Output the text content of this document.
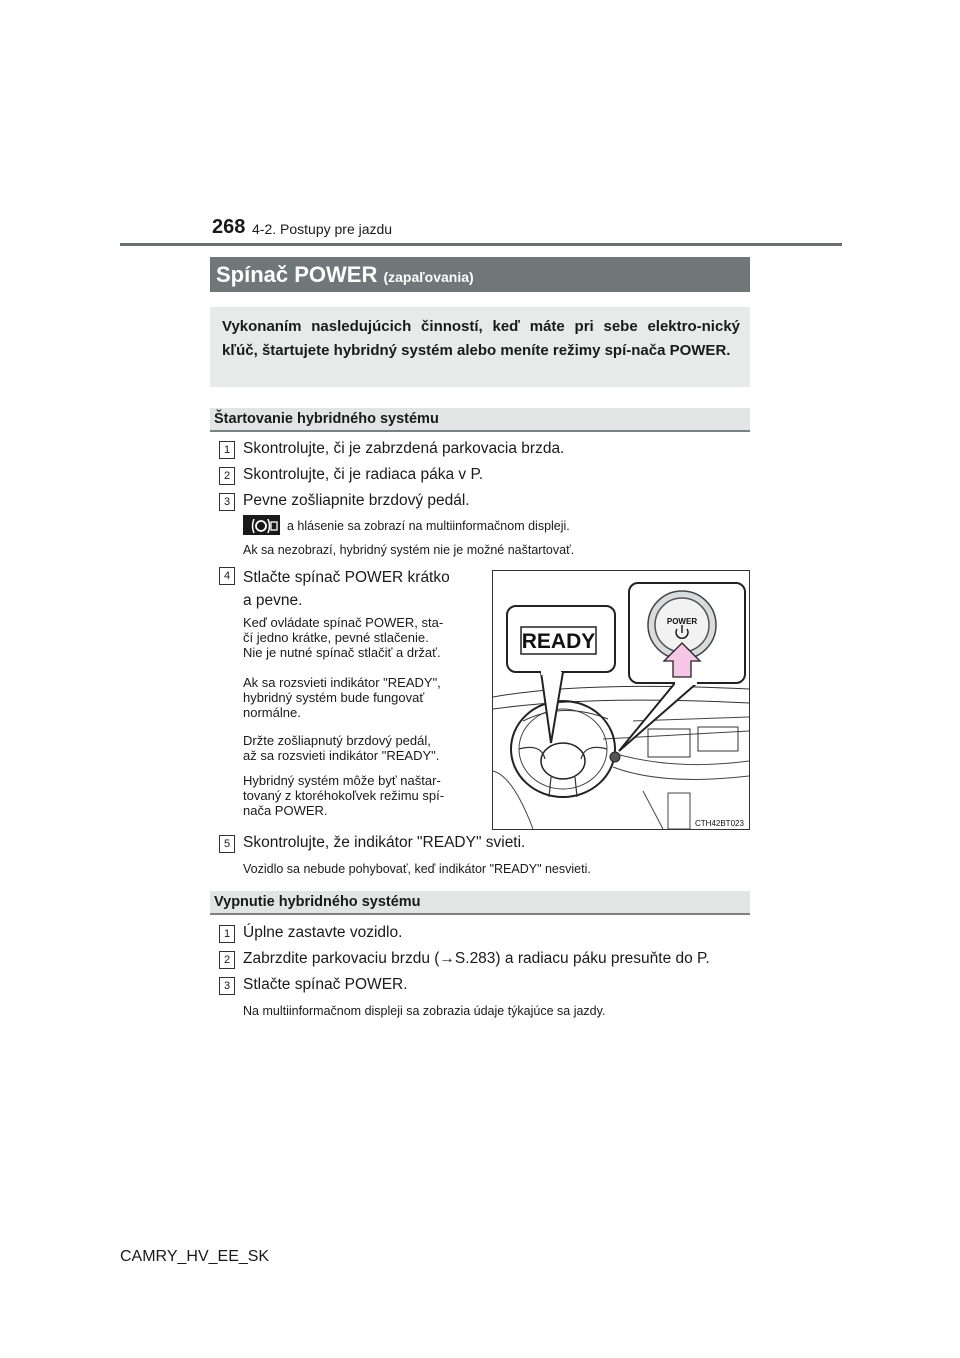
268 4-2. Postupy pre jazdu
Spínač POWER (zapaľovania)
Vykonaním nasledujúcich činností, keď máte pri sebe elektro-nický kľúč, štartujete hybridný systém alebo meníte režimy spí-nača POWER.
Štartovanie hybridného systému
1 Skontrolujte, či je zabrzdená parkovacia brzda.
2 Skontrolujte, či je radiaca páka v P.
3 Pevne zošliapnite brzdový pedál.
a hlásenie sa zobrazí na multiinformačnom displeji.
Ak sa nezobrazí, hybridný systém nie je možné naštartovať.
4 Stlačte spínač POWER krátko
a pevne.
Keď ovládate spínač POWER, sta-
čí jedno krátke, pevné stlačenie.
Nie je nutné spínač stlačiť a držať.
Ak sa rozsvieti indikátor "READY",
hybridný systém bude fungovať
normálne.
Držte zošliapnutý brzdový pedál,
až sa rozsvieti indikátor "READY".
Hybridný systém môže byť naštar-
tovaný z ktoréhokoľvek režimu spí-
nača POWER.
READY
POWER
CTH42BT023
5 Skontrolujte, že indikátor "READY" svieti.
Vozidlo sa nebude pohybovať, keď indikátor "READY" nesvieti.
Vypnutie hybridného systému
1 Úplne zastavte vozidlo.
2 Zabrzdite parkovaciu brzdu (→S.283) a radiacu páku presuňte do P.
3 Stlačte spínač POWER.
Na multiinformačnom displeji sa zobrazia údaje týkajúce sa jazdy.
CAMRY_HV_EE_SK
